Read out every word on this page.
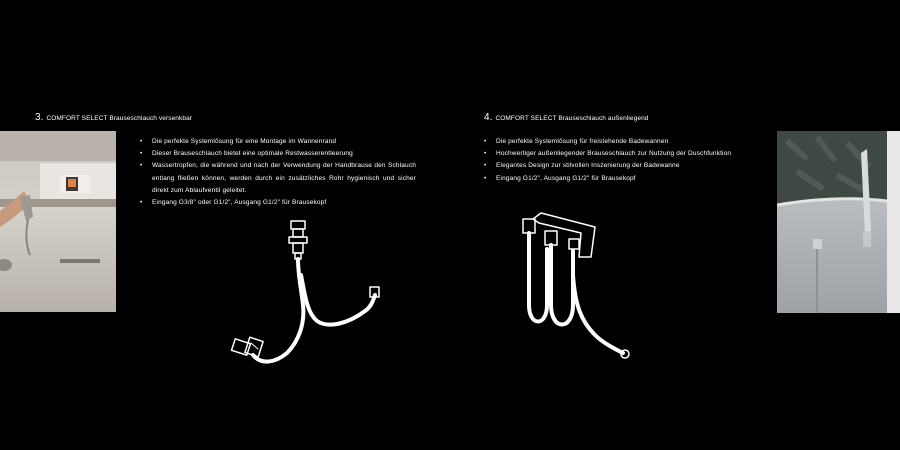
3. COMFORT SELECT Brauseschlauch versenkbar	4. COMFORT SELECT Brauseschlauch außenliegend
• Die perfekte Systemlösung für eine Montage im Wannenrand
• Dieser Brauseschlauch bietet eine optimale Restwasserentleerung
• Wassertropfen, die während und nach der Verwendung der Handbrause den Schlauch entlang fließen können, werden durch ein zusätzliches Rohr hygienisch und sicher direkt zum Ablaufventil geleitet.
• Eingang G3/8" oder G1/2", Ausgang G1/2" für Brausekopf
• Die perfekte Systemlösung für freistehende Badewannen
• Hochwertiger außenliegender Brauseschlauch zur Nutzung der Duschfunktion
• Elegantes Design zur stilvollen Inszenierung der Badewanne
• Eingang G1/2", Ausgang G1/2" für Brausekopf
